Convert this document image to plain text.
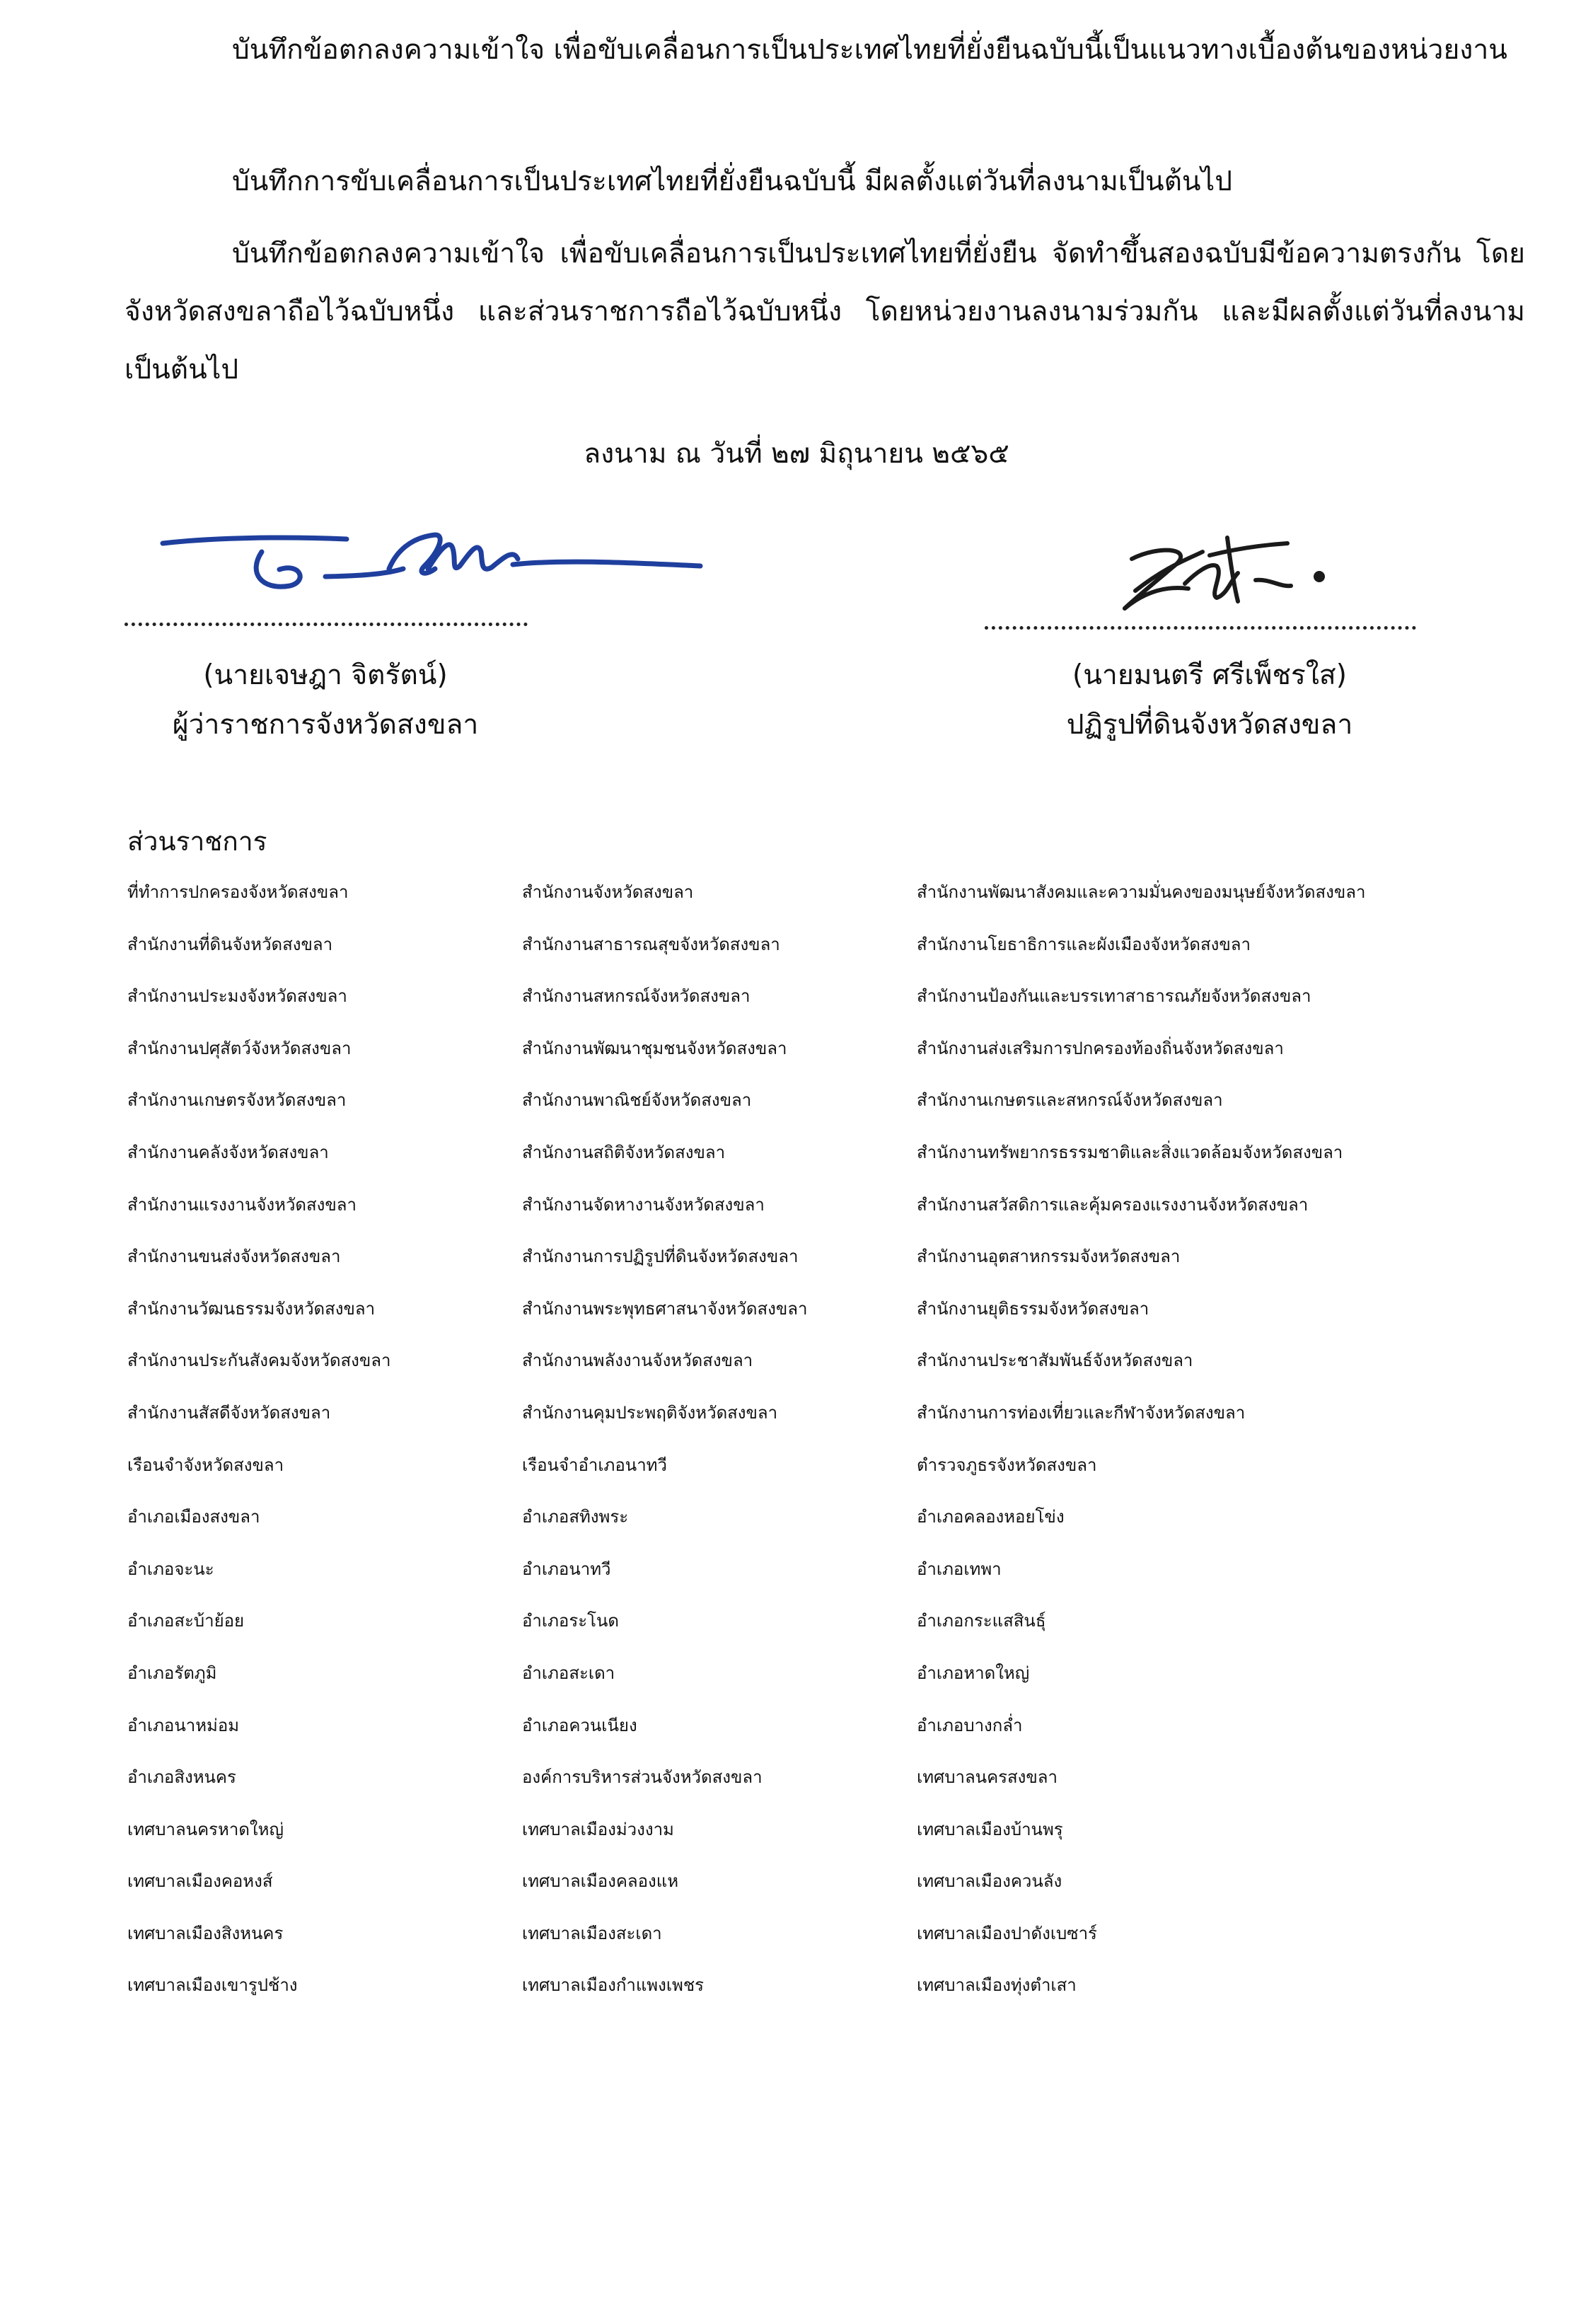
บันทึกข้อตกลงความเข้าใจ เพื่อขับเคลื่อนการเป็นประเทศไทยที่ยั่งยืนฉบับนี้เป็นแนวทางเบื้องต้นของหน่วยงาน

บันทึกการขับเคลื่อนการเป็นประเทศไทยที่ยั่งยืนฉบับนี้ มีผลตั้งแต่วันที่ลงนามเป็นต้นไป

บันทึกข้อตกลงความเข้าใจ เพื่อขับเคลื่อนการเป็นประเทศไทยที่ยั่งยืน จัดทำขึ้นสองฉบับมีข้อความตรงกัน โดยจังหวัดสงขลาถือไว้ฉบับหนึ่ง และส่วนราชการถือไว้ฉบับหนึ่ง โดยหน่วยงานลงนามร่วมกัน และมีผลตั้งแต่วันที่ลงนามเป็นต้นไป

ลงนาม ณ วันที่ ๒๗ มิถุนายน ๒๕๖๕
(นายเจษฎา จิตรัตน์)
ผู้ว่าราชการจังหวัดสงขลา
(นายมนตรี ศรีเพ็ชรใส)
ปฏิรูปที่ดินจังหวัดสงขลา
ส่วนราชการ
ที่ทำการปกครองจังหวัดสงขลา
สำนักงานที่ดินจังหวัดสงขลา
สำนักงานประมงจังหวัดสงขลา
สำนักงานปศุสัตว์จังหวัดสงขลา
สำนักงานเกษตรจังหวัดสงขลา
สำนักงานคลังจังหวัดสงขลา
สำนักงานแรงงานจังหวัดสงขลา
สำนักงานขนส่งจังหวัดสงขลา
สำนักงานวัฒนธรรมจังหวัดสงขลา
สำนักงานประกันสังคมจังหวัดสงขลา
สำนักงานสัสดีจังหวัดสงขลา
เรือนจำจังหวัดสงขลา
อำเภอเมืองสงขลา
อำเภอจะนะ
อำเภอสะบ้าย้อย
อำเภอรัตภูมิ
อำเภอนาหม่อม
อำเภอสิงหนคร
เทศบาลนครหาดใหญ่
เทศบาลเมืองคอหงส์
เทศบาลเมืองสิงหนคร
เทศบาลเมืองเขารูปช้าง
สำนักงานจังหวัดสงขลา
สำนักงานสาธารณสุขจังหวัดสงขลา
สำนักงานสหกรณ์จังหวัดสงขลา
สำนักงานพัฒนาชุมชนจังหวัดสงขลา
สำนักงานพาณิชย์จังหวัดสงขลา
สำนักงานสถิติจังหวัดสงขลา
สำนักงานจัดหางานจังหวัดสงขลา
สำนักงานการปฏิรูปที่ดินจังหวัดสงขลา
สำนักงานพระพุทธศาสนาจังหวัดสงขลา
สำนักงานพลังงานจังหวัดสงขลา
สำนักงานคุมประพฤติจังหวัดสงขลา
เรือนจำอำเภอนาทวี
อำเภอสทิงพระ
อำเภอนาทวี
อำเภอระโนด
อำเภอสะเดา
อำเภอควนเนียง
องค์การบริหารส่วนจังหวัดสงขลา
เทศบาลเมืองม่วงงาม
เทศบาลเมืองคลองแห
เทศบาลเมืองสะเดา
เทศบาลเมืองกำแพงเพชร
สำนักงานพัฒนาสังคมและความมั่นคงของมนุษย์จังหวัดสงขลา
สำนักงานโยธาธิการและผังเมืองจังหวัดสงขลา
สำนักงานป้องกันและบรรเทาสาธารณภัยจังหวัดสงขลา
สำนักงานส่งเสริมการปกครองท้องถิ่นจังหวัดสงขลา
สำนักงานเกษตรและสหกรณ์จังหวัดสงขลา
สำนักงานทรัพยากรธรรมชาติและสิ่งแวดล้อมจังหวัดสงขลา
สำนักงานสวัสดิการและคุ้มครองแรงงานจังหวัดสงขลา
สำนักงานอุตสาหกรรมจังหวัดสงขลา
สำนักงานยุติธรรมจังหวัดสงขลา
สำนักงานประชาสัมพันธ์จังหวัดสงขลา
สำนักงานการท่องเที่ยวและกีฬาจังหวัดสงขลา
ตำรวจภูธรจังหวัดสงขลา
อำเภอคลองหอยโข่ง
อำเภอเทพา
อำเภอกระแสสินธุ์
อำเภอหาดใหญ่
อำเภอบางกล่ำ
เทศบาลนครสงขลา
เทศบาลเมืองบ้านพรุ
เทศบาลเมืองควนลัง
เทศบาลเมืองปาดังเบซาร์
เทศบาลเมืองทุ่งตำเสา
